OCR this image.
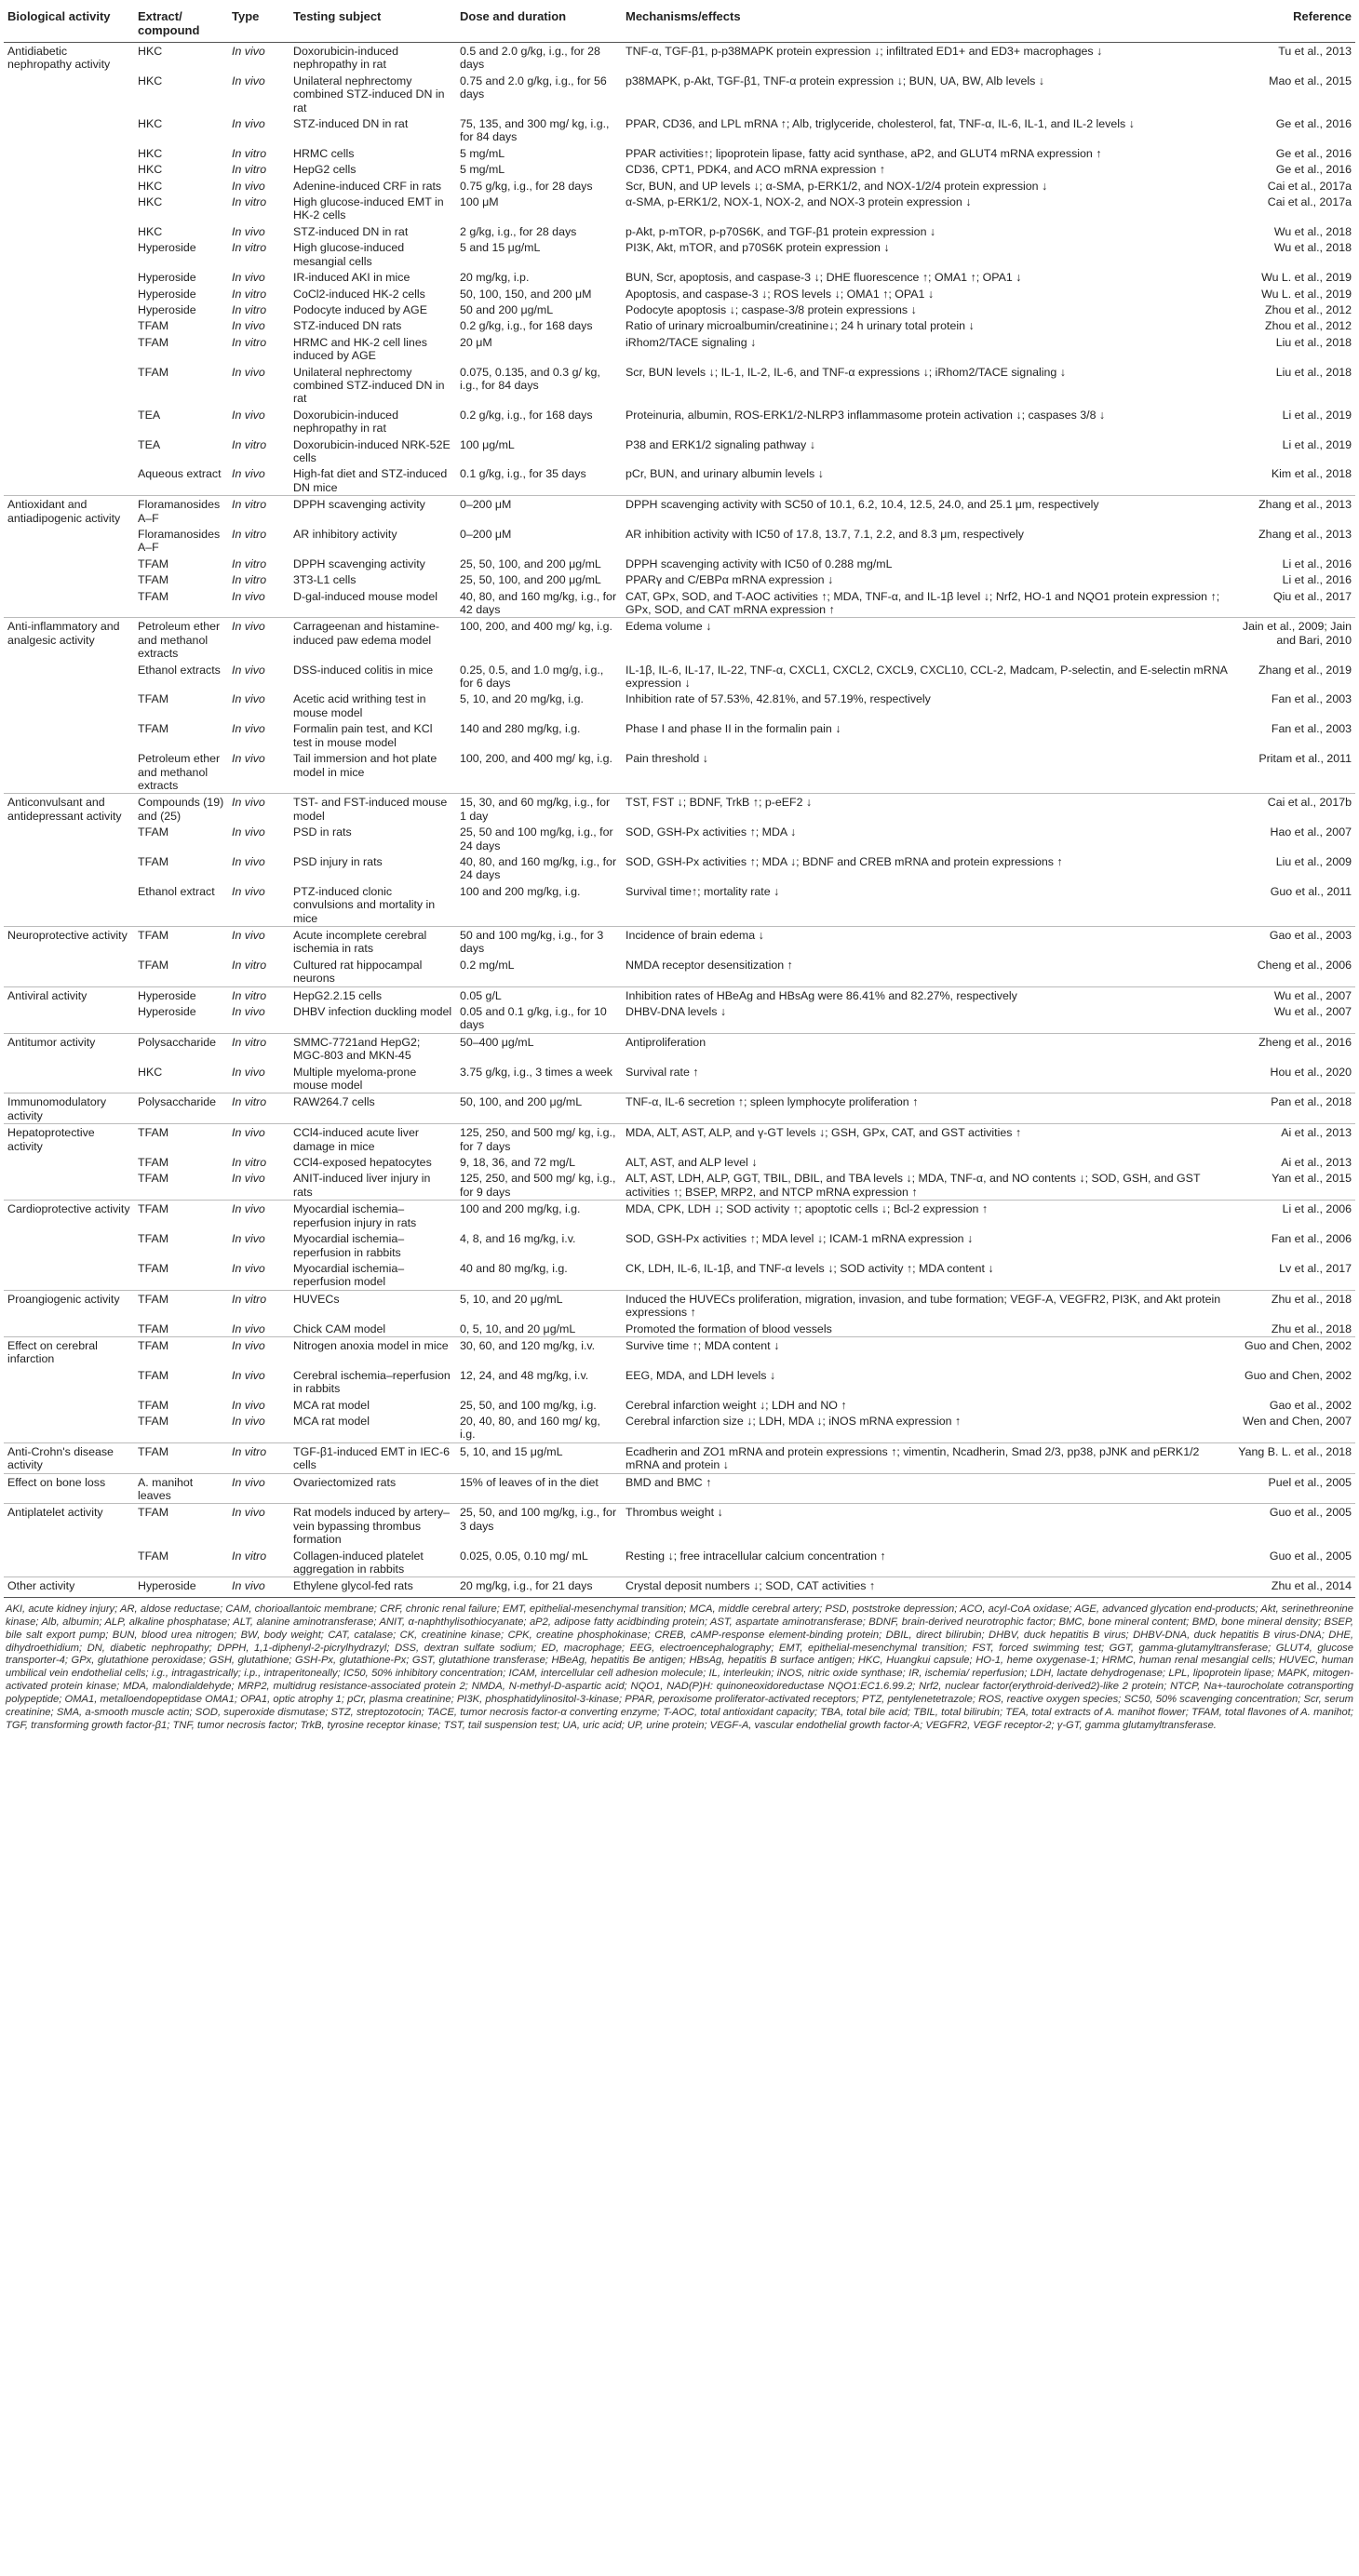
Biological activity	Extract/ compound	Type	Testing subject	Dose and duration	Mechanisms/effects	Reference
Antidiabetic nephropathy activity	HKC	In vivo	Doxorubicin-induced nephropathy in rat	0.5 and 2.0 g/kg, i.g., for 28 days	TNF-α, TGF-β1, p-p38MAPK protein expression ↓; infiltrated ED1+ and ED3+ macrophages ↓	Tu et al., 2013
	HKC	In vivo	Unilateral nephrectomy combined STZ-induced DN in rat	0.75 and 2.0 g/kg, i.g., for 56 days	p38MAPK, p-Akt, TGF-β1, TNF-α protein expression ↓; BUN, UA, BW, Alb levels ↓	Mao et al., 2015
	HKC	In vivo	STZ-induced DN in rat	75, 135, and 300 mg/ kg, i.g., for 84 days	PPAR, CD36, and LPL mRNA ↑; Alb, triglyceride, cholesterol, fat, TNF-α, IL-6, IL-1, and IL-2 levels ↓	Ge et al., 2016
	HKC	In vitro	HRMC cells	5 mg/mL	PPAR activities↑; lipoprotein lipase, fatty acid synthase, aP2, and GLUT4 mRNA expression ↑	Ge et al., 2016
	HKC	In vitro	HepG2 cells	5 mg/mL	CD36, CPT1, PDK4, and ACO mRNA expression ↑	Ge et al., 2016
	HKC	In vivo	Adenine-induced CRF in rats	0.75 g/kg, i.g., for 28 days	Scr, BUN, and UP levels ↓; α-SMA, p-ERK1/2, and NOX-1/2/4 protein expression ↓	Cai et al., 2017a
	HKC	In vitro	High glucose-induced EMT in HK-2 cells	100 μM	α-SMA, p-ERK1/2, NOX-1, NOX-2, and NOX-3 protein expression ↓	Cai et al., 2017a
	HKC	In vivo	STZ-induced DN in rat	2 g/kg, i.g., for 28 days	p-Akt, p-mTOR, p-p70S6K, and TGF-β1 protein expression ↓	Wu et al., 2018
	Hyperoside	In vitro	High glucose-induced mesangial cells	5 and 15 μg/mL	PI3K, Akt, mTOR, and p70S6K protein expression ↓	Wu et al., 2018
	Hyperoside	In vivo	IR-induced AKI in mice	20 mg/kg, i.p.	BUN, Scr, apoptosis, and caspase-3 ↓; DHE fluorescence ↑; OMA1 ↑; OPA1 ↓	Wu L. et al., 2019
	Hyperoside	In vitro	CoCl2-induced HK-2 cells	50, 100, 150, and 200 μM	Apoptosis, and caspase-3 ↓; ROS levels ↓; OMA1 ↑; OPA1 ↓	Wu L. et al., 2019
	Hyperoside	In vitro	Podocyte induced by AGE	50 and 200 μg/mL	Podocyte apoptosis ↓; caspase-3/8 protein expressions ↓	Zhou et al., 2012
	TFAM	In vivo	STZ-induced DN rats	0.2 g/kg, i.g., for 168 days	Ratio of urinary microalbumin/creatinine↓; 24 h urinary total protein ↓	Zhou et al., 2012
	TFAM	In vitro	HRMC and HK-2 cell lines induced by AGE	20 μM	iRhom2/TACE signaling ↓	Liu et al., 2018
	TFAM	In vivo	Unilateral nephrectomy combined STZ-induced DN in rat	0.075, 0.135, and 0.3 g/ kg, i.g., for 84 days	Scr, BUN levels ↓; IL-1, IL-2, IL-6, and TNF-α expressions ↓; iRhom2/TACE signaling ↓	Liu et al., 2018
	TEA	In vivo	Doxorubicin-induced nephropathy in rat	0.2 g/kg, i.g., for 168 days	Proteinuria, albumin, ROS-ERK1/2-NLRP3 inflammasome protein activation ↓; caspases 3/8 ↓	Li et al., 2019
	TEA	In vitro	Doxorubicin-induced NRK-52E cells	100 μg/mL	P38 and ERK1/2 signaling pathway ↓	Li et al., 2019
	Aqueous extract	In vivo	High-fat diet and STZ-induced DN mice	0.1 g/kg, i.g., for 35 days	pCr, BUN, and urinary albumin levels ↓	Kim et al., 2018
Antioxidant and antiadipogenic activity	Floramanosides A–F	In vitro	DPPH scavenging activity	0–200 μM	DPPH scavenging activity with SC50 of 10.1, 6.2, 10.4, 12.5, 24.0, and 25.1 μm, respectively	Zhang et al., 2013
	Floramanosides A–F	In vitro	AR inhibitory activity	0–200 μM	AR inhibition activity with IC50 of 17.8, 13.7, 7.1, 2.2, and 8.3 μm, respectively	Zhang et al., 2013
	TFAM	In vitro	DPPH scavenging activity	25, 50, 100, and 200 μg/mL	DPPH scavenging activity with IC50 of 0.288 mg/mL	Li et al., 2016
	TFAM	In vitro	3T3-L1 cells	25, 50, 100, and 200 μg/mL	PPARγ and C/EBPα mRNA expression ↓	Li et al., 2016
	TFAM	In vivo	D-gal-induced mouse model	40, 80, and 160 mg/kg, i.g., for 42 days	CAT, GPx, SOD, and T-AOC activities ↑; MDA, TNF-α, and IL-1β level ↓; Nrf2, HO-1 and NQO1 protein expression ↑; GPx, SOD, and CAT mRNA expression ↑	Qiu et al., 2017
Anti-inflammatory and analgesic activity	Petroleum ether and methanol extracts	In vivo	Carrageenan and histamine-induced paw edema model	100, 200, and 400 mg/ kg, i.g.	Edema volume ↓	Jain et al., 2009; Jain and Bari, 2010
	Ethanol extracts	In vivo	DSS-induced colitis in mice	0.25, 0.5, and 1.0 mg/g, i.g., for 6 days	IL-1β, IL-6, IL-17, IL-22, TNF-α, CXCL1, CXCL2, CXCL9, CXCL10, CCL-2, Madcam, P-selectin, and E-selectin mRNA expression ↓	Zhang et al., 2019
	TFAM	In vivo	Acetic acid writhing test in mouse model	5, 10, and 20 mg/kg, i.g.	Inhibition rate of 57.53%, 42.81%, and 57.19%, respectively	Fan et al., 2003
	TFAM	In vivo	Formalin pain test, and KCl test in mouse model	140 and 280 mg/kg, i.g.	Phase I and phase II in the formalin pain ↓	Fan et al., 2003
	Petroleum ether and methanol extracts	In vivo	Tail immersion and hot plate model in mice	100, 200, and 400 mg/ kg, i.g.	Pain threshold ↓	Pritam et al., 2011
Anticonvulsant and antidepressant activity	Compounds (19) and (25)	In vivo	TST- and FST-induced mouse model	15, 30, and 60 mg/kg, i.g., for 1 day	TST, FST ↓; BDNF, TrkB ↑; p-eEF2 ↓	Cai et al., 2017b
	TFAM	In vivo	PSD in rats	25, 50 and 100 mg/kg, i.g., for 24 days	SOD, GSH-Px activities ↑; MDA ↓	Hao et al., 2007
	TFAM	In vivo	PSD injury in rats	40, 80, and 160 mg/kg, i.g., for 24 days	SOD, GSH-Px activities ↑; MDA ↓; BDNF and CREB mRNA and protein expressions ↑	Liu et al., 2009
	Ethanol extract	In vivo	PTZ-induced clonic convulsions and mortality in mice	100 and 200 mg/kg, i.g.	Survival time↑; mortality rate ↓	Guo et al., 2011
Neuroprotective activity	TFAM	In vivo	Acute incomplete cerebral ischemia in rats	50 and 100 mg/kg, i.g., for 3 days	Incidence of brain edema ↓	Gao et al., 2003
	TFAM	In vitro	Cultured rat hippocampal neurons	0.2 mg/mL	NMDA receptor desensitization ↑	Cheng et al., 2006
Antiviral activity	Hyperoside	In vitro	HepG2.2.15 cells	0.05 g/L	Inhibition rates of HBeAg and HBsAg were 86.41% and 82.27%, respectively	Wu et al., 2007
	Hyperoside	In vivo	DHBV infection duckling model	0.05 and 0.1 g/kg, i.g., for 10 days	DHBV-DNA levels ↓	Wu et al., 2007
Antitumor activity	Polysaccharide	In vitro	SMMC-7721and HepG2; MGC-803 and MKN-45	50–400 μg/mL	Antiproliferation	Zheng et al., 2016
	HKC	In vivo	Multiple myeloma-prone mouse model	3.75 g/kg, i.g., 3 times a week	Survival rate ↑	Hou et al., 2020
Immunomodulatory activity	Polysaccharide	In vitro	RAW264.7 cells	50, 100, and 200 μg/mL	TNF-α, IL-6 secretion ↑; spleen lymphocyte proliferation ↑	Pan et al., 2018
Hepatoprotective activity	TFAM	In vivo	CCl4-induced acute liver damage in mice	125, 250, and 500 mg/ kg, i.g., for 7 days	MDA, ALT, AST, ALP, and γ-GT levels ↓; GSH, GPx, CAT, and GST activities ↑	Ai et al., 2013
	TFAM	In vitro	CCl4-exposed hepatocytes	9, 18, 36, and 72 mg/L	ALT, AST, and ALP level ↓	Ai et al., 2013
	TFAM	In vivo	ANIT-induced liver injury in rats	125, 250, and 500 mg/ kg, i.g., for 9 days	ALT, AST, LDH, ALP, GGT, TBIL, DBIL, and TBA levels ↓; MDA, TNF-α, and NO contents ↓; SOD, GSH, and GST activities ↑; BSEP, MRP2, and NTCP mRNA expression ↑	Yan et al., 2015
Cardioprotective activity	TFAM	In vivo	Myocardial ischemia–reperfusion injury in rats	100 and 200 mg/kg, i.g.	MDA, CPK, LDH ↓; SOD activity ↑; apoptotic cells ↓; Bcl-2 expression ↑	Li et al., 2006
	TFAM	In vivo	Myocardial ischemia–reperfusion in rabbits	4, 8, and 16 mg/kg, i.v.	SOD, GSH-Px activities ↑; MDA level ↓; ICAM-1 mRNA expression ↓	Fan et al., 2006
	TFAM	In vivo	Myocardial ischemia–reperfusion model	40 and 80 mg/kg, i.g.	CK, LDH, IL-6, IL-1β, and TNF-α levels ↓; SOD activity ↑; MDA content ↓	Lv et al., 2017
Proangiogenic activity	TFAM	In vitro	HUVECs	5, 10, and 20 μg/mL	Induced the HUVECs proliferation, migration, invasion, and tube formation; VEGF-A, VEGFR2, PI3K, and Akt protein expressions ↑	Zhu et al., 2018
	TFAM	In vivo	Chick CAM model	0, 5, 10, and 20 μg/mL	Promoted the formation of blood vessels	Zhu et al., 2018
Effect on cerebral infarction	TFAM	In vivo	Nitrogen anoxia model in mice	30, 60, and 120 mg/kg, i.v.	Survive time ↑; MDA content ↓	Guo and Chen, 2002
	TFAM	In vivo	Cerebral ischemia–reperfusion in rabbits	12, 24, and 48 mg/kg, i.v.	EEG, MDA, and LDH levels ↓	Guo and Chen, 2002
	TFAM	In vivo	MCA rat model	25, 50, and 100 mg/kg, i.g.	Cerebral infarction weight ↓; LDH and NO ↑	Gao et al., 2002
	TFAM	In vivo	MCA rat model	20, 40, 80, and 160 mg/ kg, i.g.	Cerebral infarction size ↓; LDH, MDA ↓; iNOS mRNA expression ↑	Wen and Chen, 2007
Anti-Crohn's disease activity	TFAM	In vitro	TGF-β1-induced EMT in IEC-6 cells	5, 10, and 15 μg/mL	Ecadherin and ZO1 mRNA and protein expressions ↑; vimentin, Ncadherin, Smad 2/3, pp38, pJNK and pERK1/2 mRNA and protein ↓	Yang B. L. et al., 2018
Effect on bone loss	A. manihot leaves	In vivo	Ovariectomized rats	15% of leaves of in the diet	BMD and BMC ↑	Puel et al., 2005
Antiplatelet activity	TFAM	In vivo	Rat models induced by artery–vein bypassing thrombus formation	25, 50, and 100 mg/kg, i.g., for 3 days	Thrombus weight ↓	Guo et al., 2005
	TFAM	In vitro	Collagen-induced platelet aggregation in rabbits	0.025, 0.05, 0.10 mg/ mL	Resting ↓; free intracellular calcium concentration ↑	Guo et al., 2005
Other activity	Hyperoside	In vivo	Ethylene glycol-fed rats	20 mg/kg, i.g., for 21 days	Crystal deposit numbers ↓; SOD, CAT activities ↑	Zhu et al., 2014
AKI, acute kidney injury; AR, aldose reductase; CAM, chorioallantoic membrane; CRF, chronic renal failure; EMT, epithelial-mesenchymal transition; MCA, middle cerebral artery; PSD, poststroke depression; ACO, acyl-CoA oxidase; AGE, advanced glycation end-products; Akt, serinethreonine kinase; Alb, albumin; ALP, alkaline phosphatase; ALT, alanine aminotransferase; ANIT, α-naphthylisothiocyanate; aP2, adipose fatty acidbinding protein; AST, aspartate aminotransferase; BDNF, brain-derived neurotrophic factor; BMC, bone mineral content; BMD, bone mineral density; BSEP, bile salt export pump; BUN, blood urea nitrogen; BW, body weight; CAT, catalase; CK, creatinine kinase; CPK, creatine phosphokinase; CREB, cAMP-response element-binding protein; DBIL, direct bilirubin; DHBV, duck hepatitis B virus; DHBV-DNA, duck hepatitis B virus-DNA; DHE, dihydroethidium; DN, diabetic nephropathy; DPPH, 1,1-diphenyl-2-picrylhydrazyl; DSS, dextran sulfate sodium; ED, macrophage; EEG, electroencephalography; EMT, epithelial-mesenchymal transition; FST, forced swimming test; GGT, gamma-glutamyltransferase; GLUT4, glucose transporter-4; GPx, glutathione peroxidase; GSH, glutathione; GSH-Px, glutathione-Px; GST, glutathione transferase; HBeAg, hepatitis Be antigen; HBsAg, hepatitis B surface antigen; HKC, Huangkui capsule; HO-1, heme oxygenase-1; HRMC, human renal mesangial cells; HUVEC, human umbilical vein endothelial cells; i.g., intragastrically; i.p., intraperitoneally; IC50, 50% inhibitory concentration; ICAM, intercellular cell adhesion molecule; IL, interleukin; iNOS, nitric oxide synthase; IR, ischemia/ reperfusion; LDH, lactate dehydrogenase; LPL, lipoprotein lipase; MAPK, mitogen-activated protein kinase; MDA, malondialdehyde; MRP2, multidrug resistance-associated protein 2; NMDA, N-methyl-D-aspartic acid; NQO1, NAD(P)H: quinoneoxidoreductase NQO1:EC1.6.99.2; Nrf2, nuclear factor(erythroid-derived2)-like 2 protein; NTCP, Na+-taurocholate cotransporting polypeptide; OMA1, metalloendopeptidase OMA1; OPA1, optic atrophy 1; pCr, plasma creatinine; PI3K, phosphatidylinositol-3-kinase; PPAR, peroxisome proliferator-activated receptors; PTZ, pentylenetetrazole; ROS, reactive oxygen species; SC50, 50% scavenging concentration; Scr, serum creatinine; SMA, a-smooth muscle actin; SOD, superoxide dismutase; STZ, streptozotocin; TACE, tumor necrosis factor-α converting enzyme; T-AOC, total antioxidant capacity; TBA, total bile acid; TBIL, total bilirubin; TEA, total extracts of A. manihot flower; TFAM, total flavones of A. manihot; TGF, transforming growth factor-β1; TNF, tumor necrosis factor; TrkB, tyrosine receptor kinase; TST, tail suspension test; UA, uric acid; UP, urine protein; VEGF-A, vascular endothelial growth factor-A; VEGFR2, VEGF receptor-2; γ-GT, gamma glutamyltransferase.
